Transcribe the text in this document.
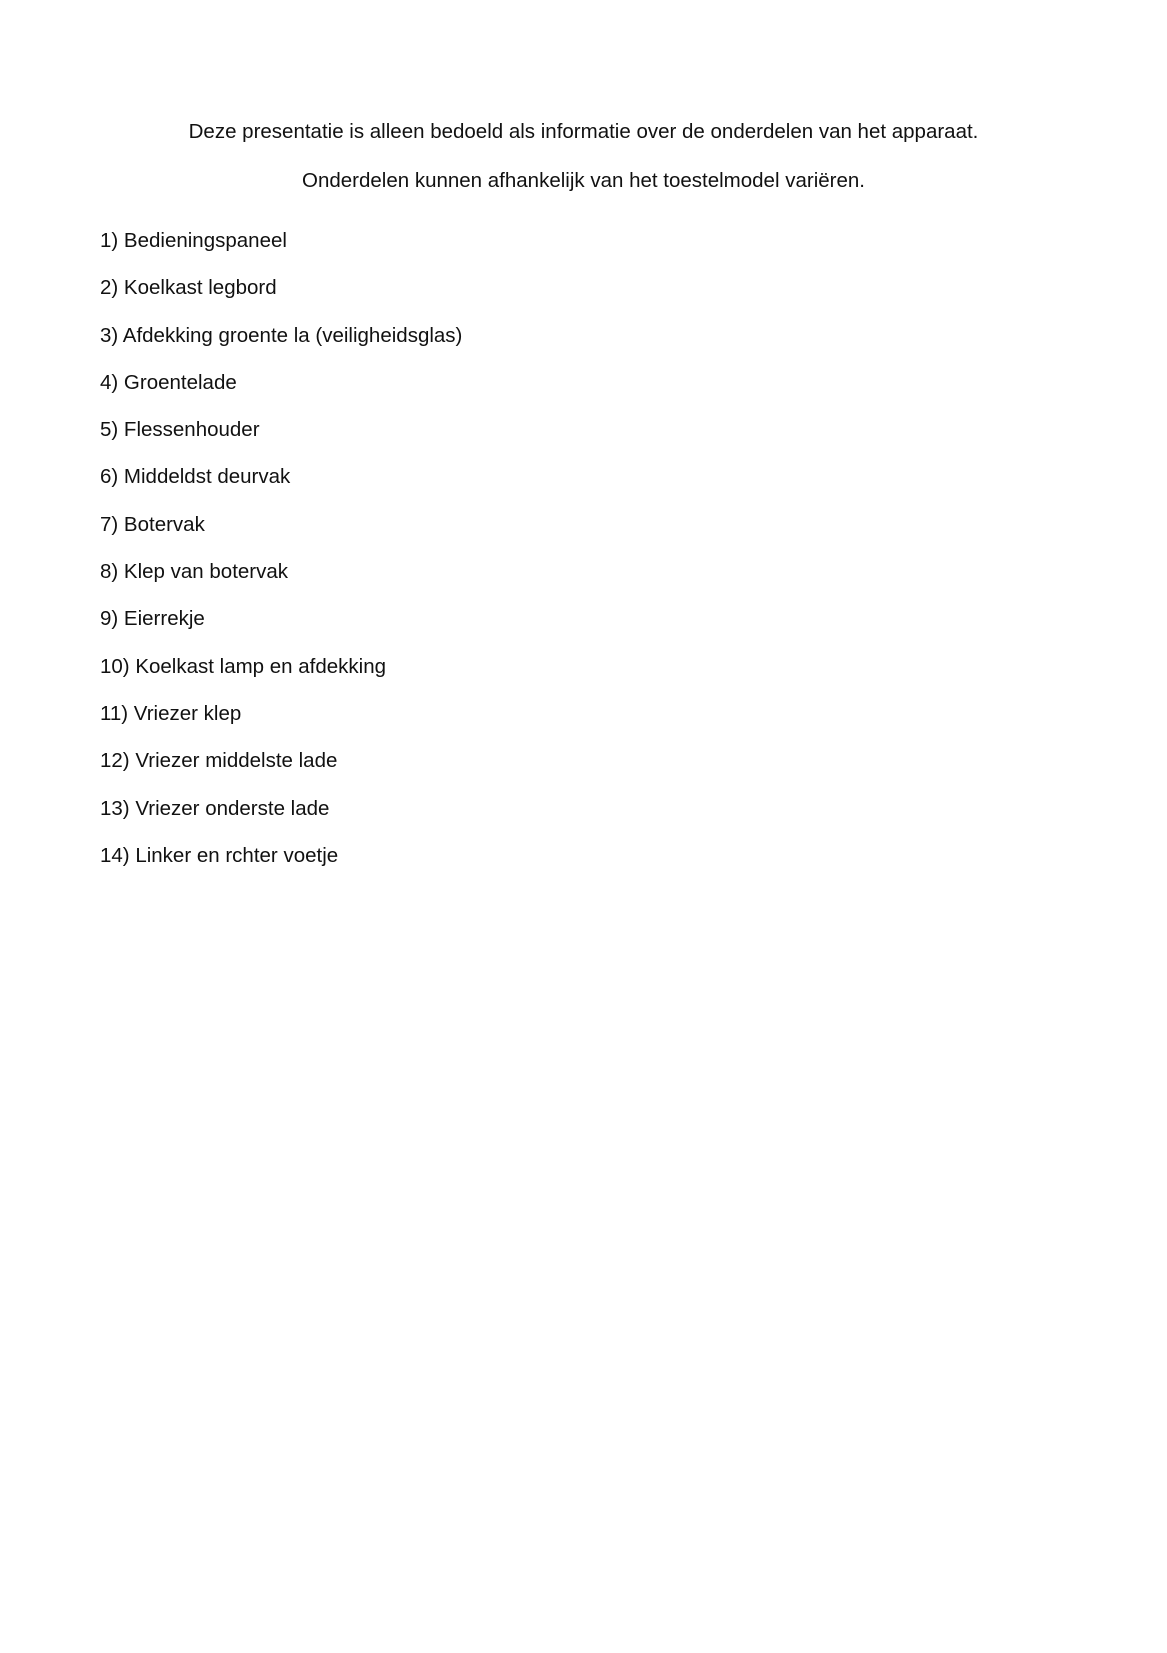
Deze presentatie is alleen bedoeld als informatie over de onderdelen van het apparaat.
Onderdelen kunnen afhankelijk van het toestelmodel variëren.
1) Bedieningspaneel
2) Koelkast legbord
3) Afdekking groente la (veiligheidsglas)
4) Groentelade
5) Flessenhouder
6) Middeldst deurvak
7) Botervak
8) Klep van botervak
9) Eierrekje
10) Koelkast lamp en afdekking
11) Vriezer klep
12) Vriezer middelste lade
13) Vriezer onderste lade
14) Linker en rchter voetje
